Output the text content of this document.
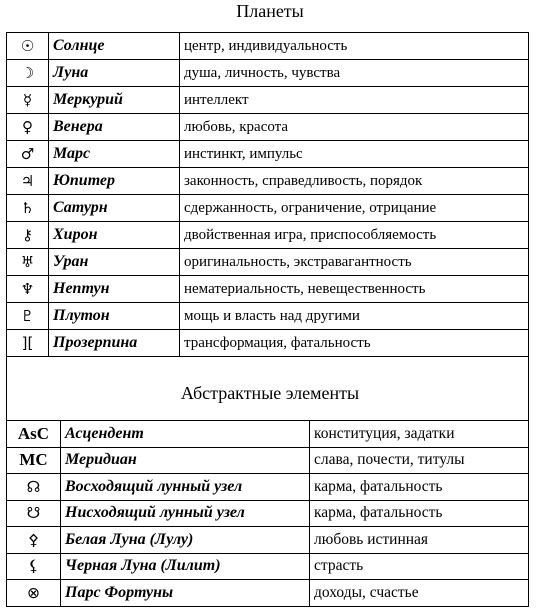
Планеты
☉	Солнце	центр, индивидуальность
☽	Луна	душа, личность, чувства
☿	Меркурий	интеллект
♀	Венера	любовь, красота
♂	Марс	инстинкт, импульс
♃	Юпитер	законность, справедливость, порядок
♄	Сатурн	сдержанность, ограничение, отрицание
⚷	Хирон	двойственная игра, приспособляемость
♅	Уран	оригинальность, экстравагантность
♆	Нептун	нематериальность, невещественность
♇	Плутон	мощь и власть над другими
][	Прозерпина	трансформация, фатальность
Абстрактные элементы
AsC	Асцендент	конституция, задатки
MC	Меридиан	слава, почести, титулы
☊	Восходящий лунный узел	карма, фатальность
☋	Нисходящий лунный узел	карма, фатальность
⚴	Белая Луна (Лулу)	любовь истинная
⚸	Черная Луна (Лилит)	страсть
⊗	Парс Фортуны	доходы, счастье
